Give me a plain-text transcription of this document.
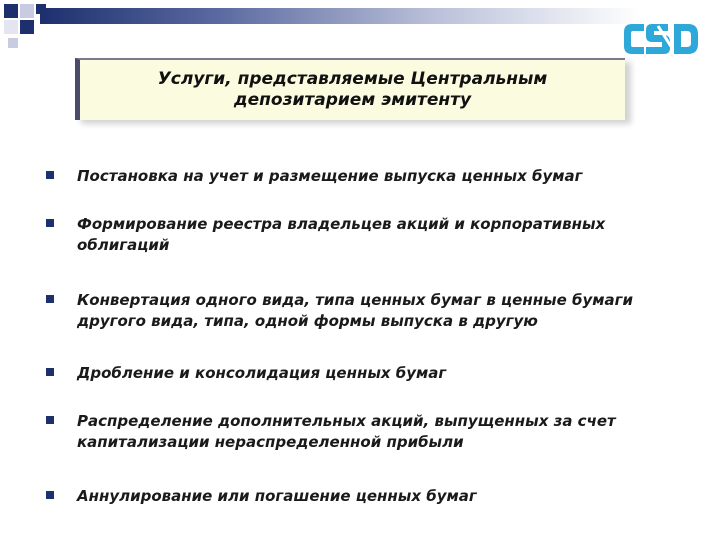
Услуги, представляемые Центральным
депозитарием эмитенту
Постановка на учет и размещение выпуска ценных бумаг
Формирование реестра владельцев акций и корпоративных
облигаций
Конвертация одного вида, типа ценных бумаг в ценные бумаги
другого вида, типа, одной формы выпуска в другую
Дробление и консолидация ценных бумаг
Распределение дополнительных акций, выпущенных за счет
капитализации нераспределенной прибыли
Аннулирование или погашение ценных бумаг
